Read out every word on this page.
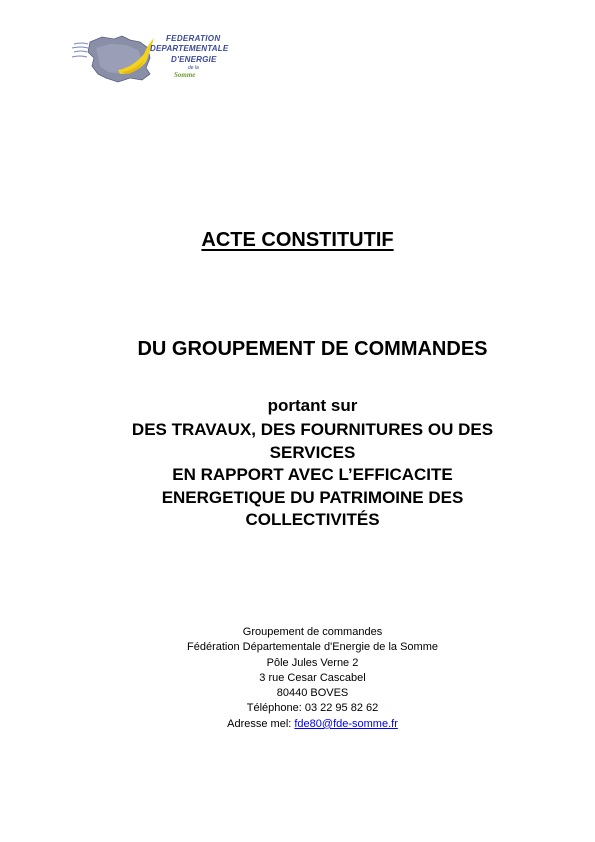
FEDERATION
DEPARTEMENTALE
D'ENERGIE
de la
Somme
ACTE CONSTITUTIF
DU GROUPEMENT DE COMMANDES
portant sur
DES TRAVAUX, DES FOURNITURES OU DES
SERVICES
EN RAPPORT AVEC L’EFFICACITE
ENERGETIQUE DU PATRIMOINE DES
COLLECTIVITÉS
Groupement de commandes
Fédération Départementale d'Energie de la Somme
Pôle Jules Verne 2
3 rue Cesar Cascabel
80440 BOVES
Téléphone: 03 22 95 82 62
Adresse mel: fde80@fde-somme.fr
